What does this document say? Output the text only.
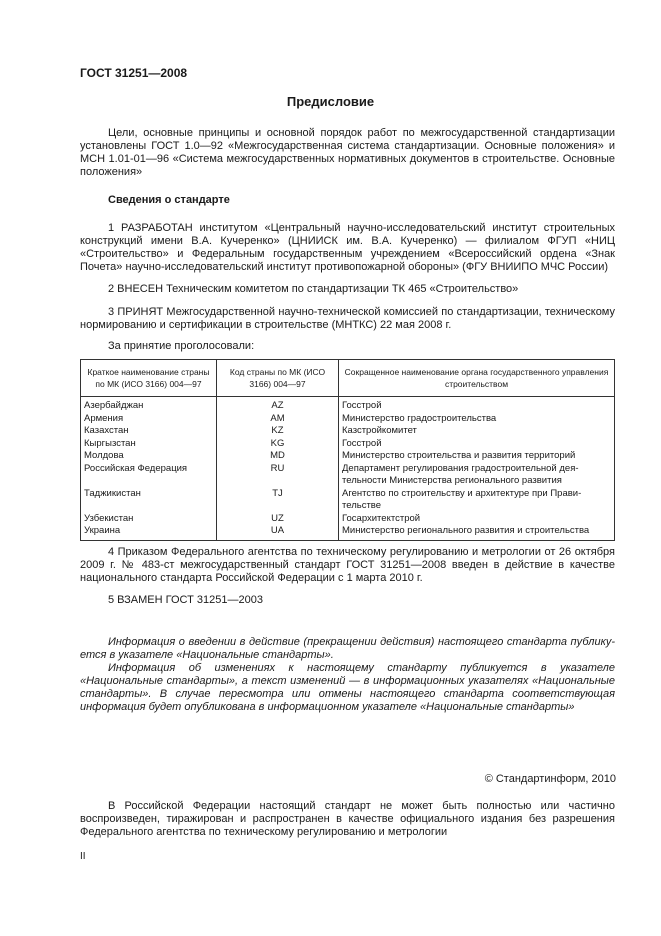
ГОСТ 31251—2008
Предисловие
Цели, основные принципы и основной порядок работ по межгосударственной стандартизации установлены ГОСТ 1.0—92 «Межгосударственная система стандартизации. Основные положения» и МСН 1.01-01—96 «Система межгосударственных нормативных документов в строительстве. Основные положения»
Сведения о стандарте
1 РАЗРАБОТАН институтом «Центральный научно-исследовательский институт строительных конструкций имени В.А. Кучеренко» (ЦНИИСК им. В.А. Кучеренко) — филиалом ФГУП «НИЦ «Строительство» и Федеральным государственным учреждением «Всероссийский ордена «Знак Почета» научно-исследовательский институт противопожарной обороны» (ФГУ ВНИИПО МЧС России)
2 ВНЕСЕН Техническим комитетом по стандартизации ТК 465 «Строительство»
3 ПРИНЯТ Межгосударственной научно-технической комиссией по стандартизации, техническому нормированию и сертификации в строительстве (МНТКС) 22 мая 2008 г.
За принятие проголосовали:
Краткое наименование страны по МК (ИСО 3166) 004—97	Код страны по МК (ИСО 3166) 004—97	Сокращенное наименование органа государственного управления строительством
Азербайджан	AZ	Госстрой
Армения	AM	Министерство градостроительства
Казахстан	KZ	Казстройкомитет
Кыргызстан	KG	Госстрой
Молдова	MD	Министерство строительства и развития территорий
Российская Федерация	RU	Департамент регулирования градостроительной деятельности Министерства регионального развития
Таджикистан	TJ	Агентство по строительству и архитектуре при Правительстве
Узбекистан	UZ	Госархитектстрой
Украина	UA	Министерство регионального развития и строительства
4 Приказом Федерального агентства по техническому регулированию и метрологии от 26 октября 2009 г. № 483-ст межгосударственный стандарт ГОСТ 31251—2008 введен в действие в качестве национального стандарта Российской Федерации с 1 марта 2010 г.
5 ВЗАМЕН ГОСТ 31251—2003
Информация о введении в действие (прекращении действия) настоящего стандарта публикуется в указателе «Национальные стандарты».
Информация об изменениях к настоящему стандарту публикуется в указателе «Национальные стандарты», а текст изменений — в информационных указателях «Национальные стандарты». В случае пересмотра или отмены настоящего стандарта соответствующая информация будет опубликована в информационном указателе «Национальные стандарты»
© Стандартинформ, 2010
В Российской Федерации настоящий стандарт не может быть полностью или частично воспроизведен, тиражирован и распространен в качестве официального издания без разрешения Федерального агентства по техническому регулированию и метрологии
II
